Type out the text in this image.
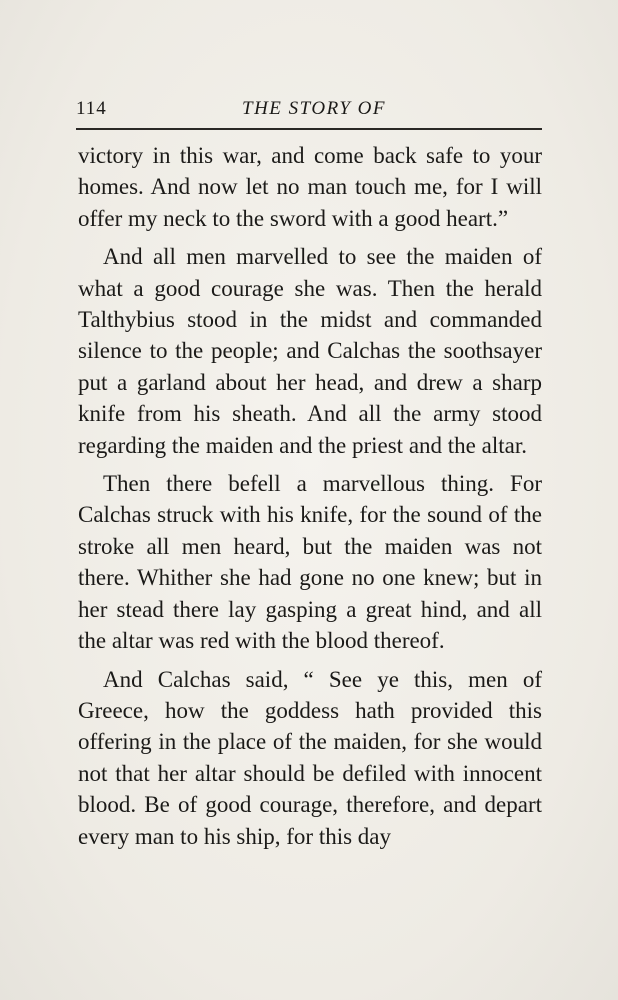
114	THE STORY OF

victory in this war, and come back safe to your homes. And now let no man touch me, for I will offer my neck to the sword with a good heart.”

And all men marvelled to see the maiden of what a good courage she was. Then the herald Talthybius stood in the midst and commanded silence to the people; and Calchas the soothsayer put a garland about her head, and drew a sharp knife from his sheath. And all the army stood regarding the maiden and the priest and the altar.

Then there befell a marvellous thing. For Calchas struck with his knife, for the sound of the stroke all men heard, but the maiden was not there. Whither she had gone no one knew; but in her stead there lay gasping a great hind, and all the altar was red with the blood thereof.

And Calchas said, “ See ye this, men of Greece, how the goddess hath provided this offering in the place of the maiden, for she would not that her altar should be defiled with innocent blood. Be of good courage, therefore, and depart every man to his ship, for this day
